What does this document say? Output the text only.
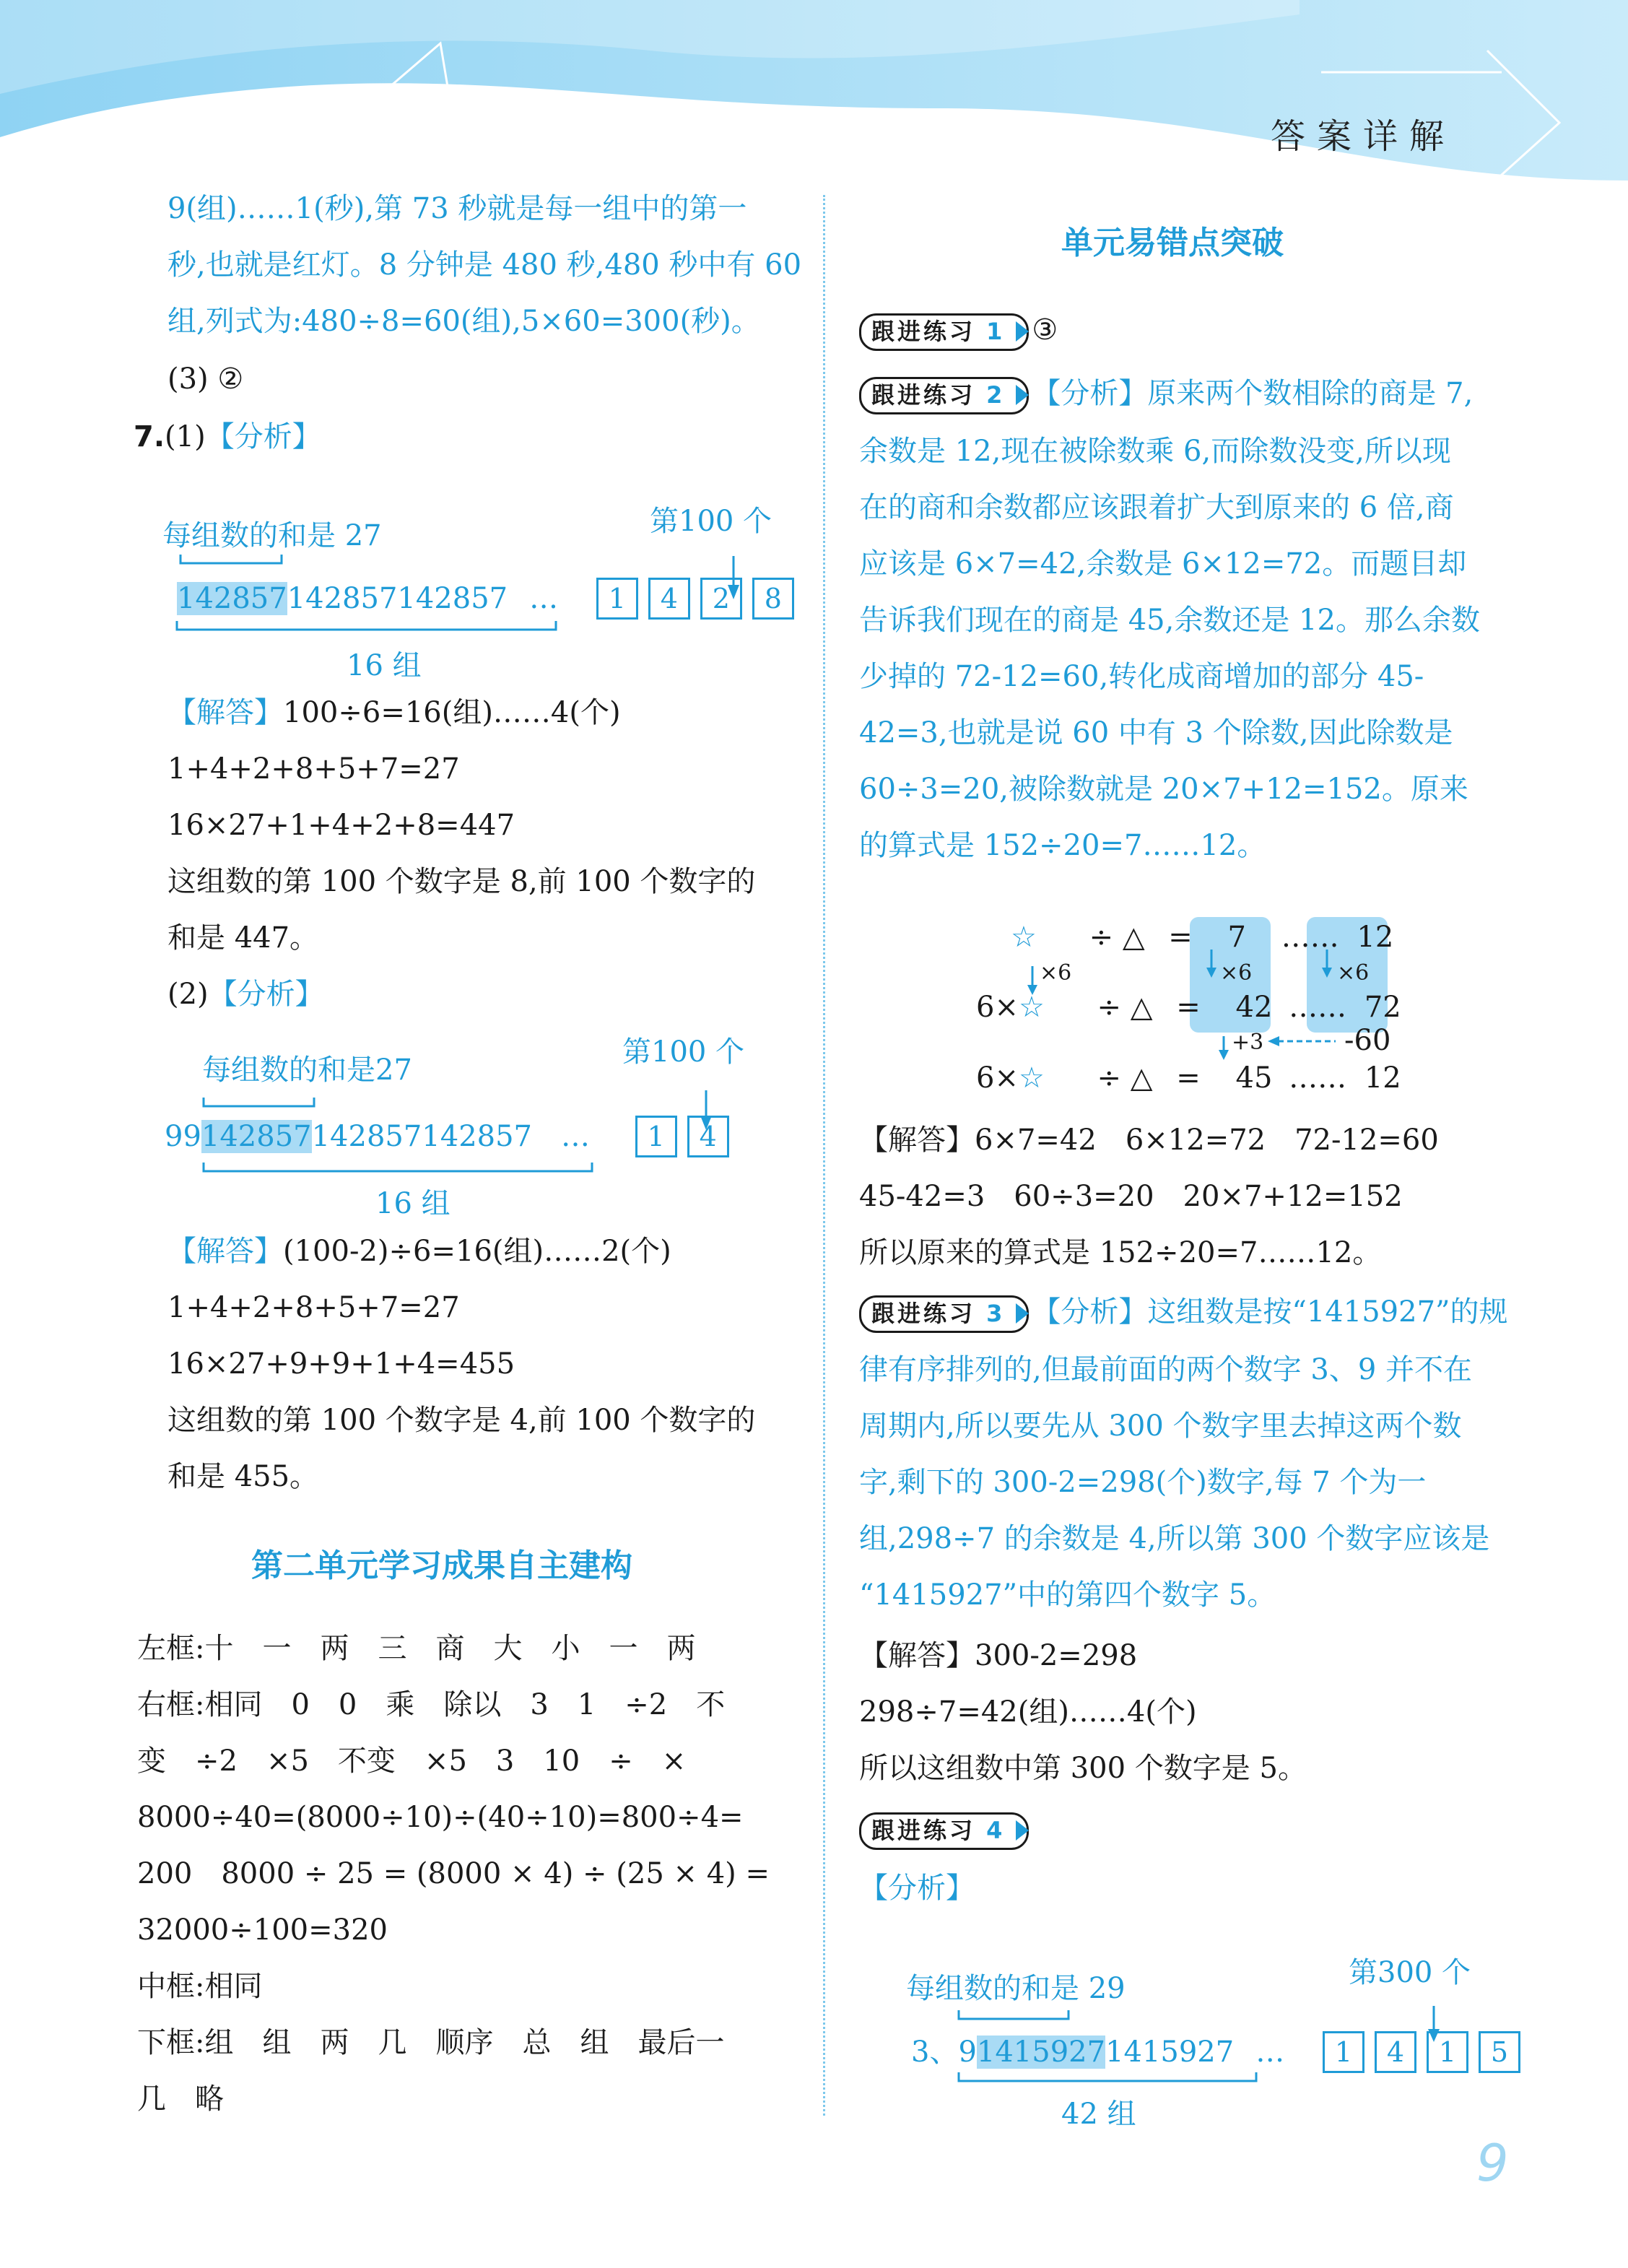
答案详解
9(组)……1(秒),第 73 秒就是每一组中的第一
秒,也就是红灯。8 分钟是 480 秒,480 秒中有 60
组,列式为:480÷8=60(组),5×60=300(秒)。
(3) ②
7.(1)【分析】
每组数的和是 27	第100 个
142857142857142857 … 1 4 2 8
16 组
【解答】100÷6=16(组)……4(个)
1+4+2+8+5+7=27
16×27+1+4+2+8=447
这组数的第 100 个数字是 8,前 100 个数字的
和是 447。
(2)【分析】
每组数的和是27
第100 个
99142857142857142857 … 1 4
16 组
【解答】(100-2)÷6=16(组)……2(个)
1+4+2+8+5+7=27
16×27+9+9+1+4=455
这组数的第 100 个数字是 4,前 100 个数字的
和是 455。
第二单元学习成果自主建构
左框:十　一　两　三　商　大　小　一　两
右框:相同　0　0　乘　除以　3　1　÷2　不
变　÷2　×5　不变　×5　3　10　÷　×
8000÷40=(8000÷10)÷(40÷10)=800÷4=
200　8000 ÷ 25 = (8000 × 4) ÷ (25 × 4) =
32000÷100=320
中框:相同
下框:组　组　两　几　顺序　总　组　最后一
几　略
单元易错点突破
跟进练习 1 ③
跟进练习 2 【分析】原来两个数相除的商是 7,
余数是 12,现在被除数乘 6,而除数没变,所以现
在的商和余数都应该跟着扩大到原来的 6 倍,商
应该是 6×7=42,余数是 6×12=72。而题目却
告诉我们现在的商是 45,余数还是 12。那么余数
少掉的 72-12=60,转化成商增加的部分 45-
42=3,也就是说 60 中有 3 个除数,因此除数是
60÷3=20,被除数就是 20×7+12=152。原来
的算式是 152÷20=7……12。
☆ ÷ △ = 7 …… 12
×6	×6	×6
6×☆ ÷ △ = 42 …… 72
+3	-60
6×☆ ÷ △ = 45 …… 12
【解答】6×7=42　6×12=72　72-12=60
45-42=3　60÷3=20　20×7+12=152
所以原来的算式是 152÷20=7……12。
跟进练习 3 【分析】这组数是按“1415927”的规
律有序排列的,但最前面的两个数字 3、9 并不在
周期内,所以要先从 300 个数字里去掉这两个数
字,剩下的 300-2=298(个)数字,每 7 个为一
组,298÷7 的余数是 4,所以第 300 个数字应该是
“1415927”中的第四个数字 5。
【解答】300-2=298
298÷7=42(组)……4(个)
所以这组数中第 300 个数字是 5。
跟进练习 4
【分析】
每组数的和是 29	第300 个
3、914159271415927 … 1 4 1 5
42 组
9
